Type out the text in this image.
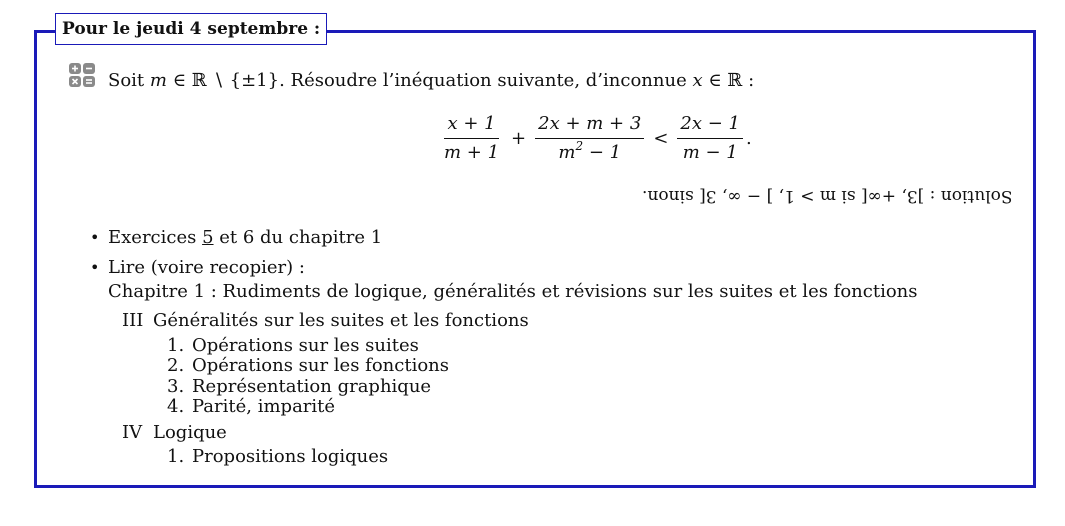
Pour le jeudi 4 septembre :
Soit m ∈ ℝ ∖ {±1}. Résoudre l’inéquation suivante, d’inconnue x ∈ ℝ :
$\frac{x + 1}{m + 1} + \frac{2x + m + 3}{m^2 - 1} < \frac{2x - 1}{m - 1}$ .
Solution : ]3, +∞[ si m > 1, ] − ∞, 3[ sinon.
• Exercices 5 et 6 du chapitre 1
• Lire (voire recopier) :
Chapitre 1 : Rudiments de logique, généralités et révisions sur les suites et les fonctions
III Généralités sur les suites et les fonctions
1. Opérations sur les suites
2. Opérations sur les fonctions
3. Représentation graphique
4. Parité, imparité
IV Logique
1. Propositions logiques
